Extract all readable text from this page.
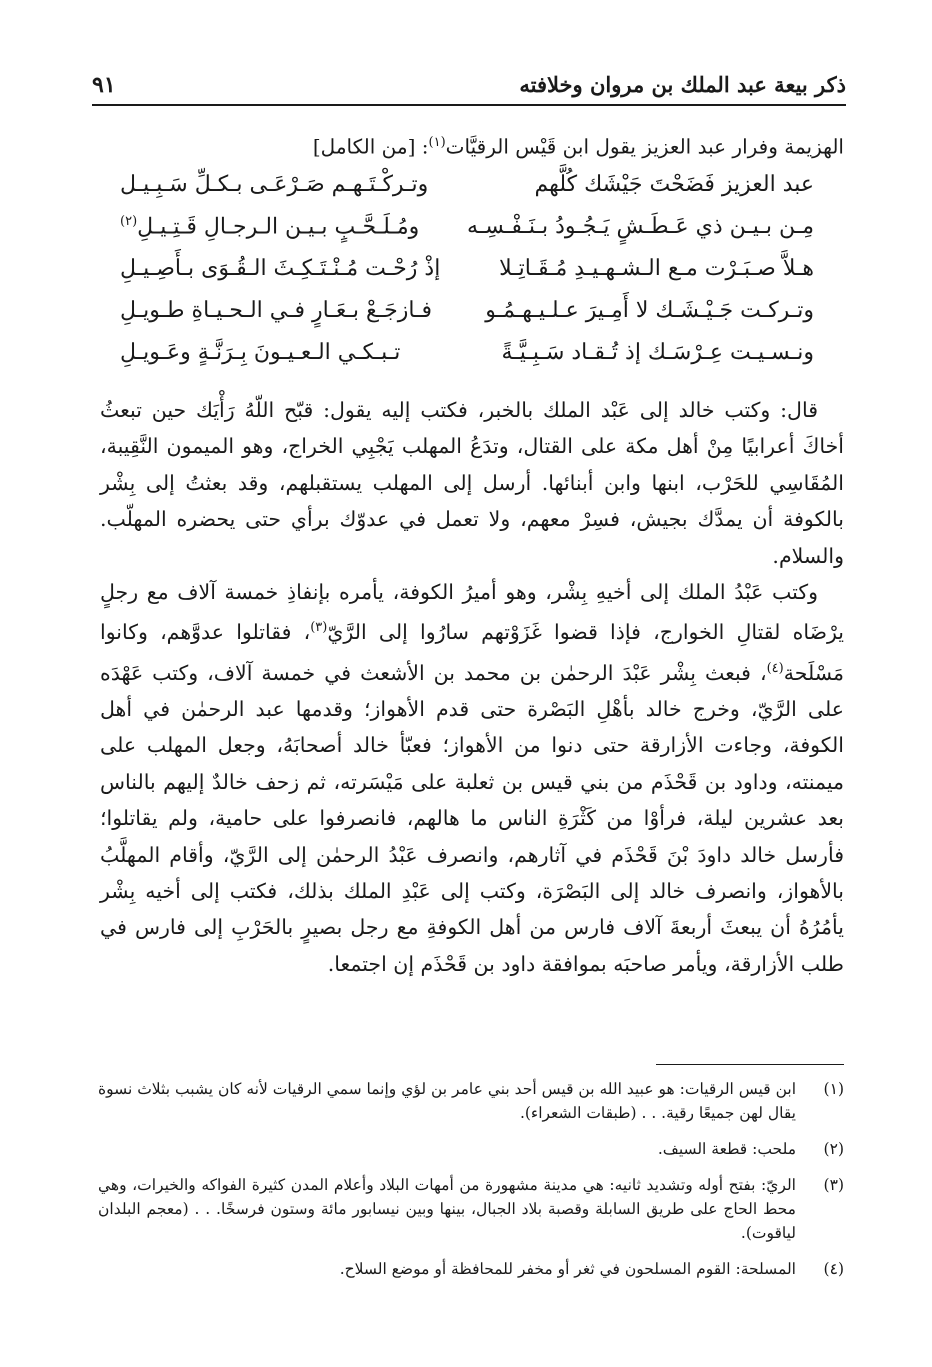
ذكر بيعة عبد الملك بن مروان وخلافته
٩١
الهزيمة وفرار عبد العزيز يقول ابن قَيْس الرقيَّات$^{(١)}$: [من الكامل]
عبد العزيز فَضَحْتَ جَيْشَك كُلَّهم
وتـركْـتَـهـم صَـرْعَـى بـكـلِّ سَـبِـيـل
مِـن بـيـن ذي عَـطَـشٍ يَـجُـودُ بـنَـفْـسِـه
ومُـلَـحَّـبٍ بـيـن الـرجـالِ قَـتِـيـلِ$^{(٢)}$
هـلاَّ صـبَـرْت مـع الـشـهـيـدِ مُـقَـاتِـلا
إذْ رُحْـت مُـنْـتَـكِـثَ الـقُـوَى بـأَصِـيـلِ
وتـركـت جَـيْـشَـك لا أَمِـيرَ عـلـيـهـمُـو
فـازجَـعْ بـعَـارٍ فـي الـحـيـاةِ طـويـلِ
ونـسـيـت عِـرْسَـك إذ تُـقـاد سَـبِـيَّـةً
تـبـكـي الـعـيـونَ بِـرَنَّـةٍ وعَـويـلِ

قال: وكتب خالد إلى عَبْد الملك بالخبر، فكتب إليه يقول: قبّح اللّهُ رَأْيَك حين تبعثُ أخاكَ أعرابيًا مِنْ أهل مكة على القتال، وتدَعُ المهلب يَجْبِي الخراج، وهو الميمون النَّقِيبة، المُقَاسِي للحَرْب، ابنها وابن أبنائها. أرسل إلى المهلب يستقبلهم، وقد بعثتُ إلى بِشْر بالكوفة أن يمدَّك بجيش، فسِرْ معهم، ولا تعمل في عدوّك برأي حتى يحضره المهلّب. والسلام.

وكتب عَبْدُ الملك إلى أخيهِ بِشْر، وهو أميرُ الكوفة، يأمره بإنفاذِ خمسة آلاف مع رجلٍ يرْضَاه لقتالِ الخوارج، فإذا قضوا غَزَوْتهم سارُوا إلى الرَّيّ$^{(٣)}$، فقاتلوا عدوَّهم، وكانوا مَسْلَحة$^{(٤)}$، فبعث بِشْر عَبْدَ الرحمٰن بن محمد بن الأشعث في خمسة آلاف، وكتب عَهْدَه على الرَّيّ، وخرج خالد بأهْلِ البَصْرة حتى قدم الأهواز؛ وقدمها عبد الرحمٰن في أهل الكوفة، وجاءت الأزارقة حتى دنوا من الأهواز؛ فعبّأ خالد أصحابَهُ، وجعل المهلب على ميمنته، وداود بن قَحْذَم من بني قيس بن ثعلبة على مَيْسَرته، ثم زحف خالدٌ إليهم بالناس بعد عشرين ليلة، فرأوْا من كَثْرَةِ الناس ما هالهم، فانصرفوا على حامية، ولم يقاتلوا؛ فأرسل خالد داودَ بْنَ قَحْذَم في آثارهم، وانصرف عَبْدُ الرحمٰن إلى الرَّيّ، وأقام المهلَّبُ بالأهواز، وانصرف خالد إلى البَصْرَة، وكتب إلى عَبْدِ الملك بذلك، فكتب إلى أخيه بِشْر يأمُرُهُ أن يبعثَ أربعةَ آلاف فارس من أهل الكوفةِ مع رجل بصيرٍ بالحَرْبِ إلى فارس في طلب الأزارقة، ويأمر صاحبَه بموافقة داود بن قَحْذَم إن اجتمعا.

(١)
ابن قيس الرقيات: هو عبيد الله بن قيس أحد بني عامر بن لؤي وإنما سمي الرقيات لأنه كان يشبب بثلاث نسوة يقال لهن جميعًا رقية. . . (طبقات الشعراء).
(٢)
ملحب: قطعة السيف.
(٣)
الريّ: بفتح أوله وتشديد ثانيه: هي مدينة مشهورة من أمهات البلاد وأعلام المدن كثيرة الفواكه والخيرات، وهي محط الحاج على طريق السابلة وقصبة بلاد الجبال، بينها وبين نيسابور مائة وستون فرسخًا. . . (معجم البلدان لياقوت).
(٤)
المسلحة: القوم المسلحون في ثغر أو مخفر للمحافظة أو موضع السلاح.
